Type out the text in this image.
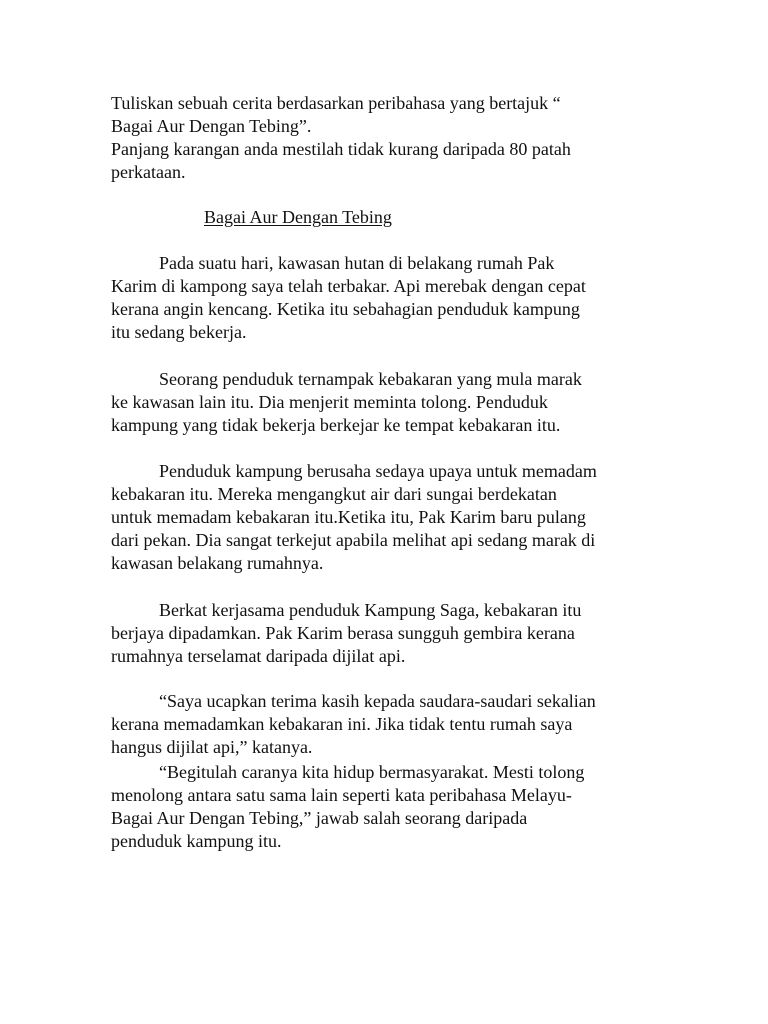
Tuliskan sebuah cerita berdasarkan peribahasa yang bertajuk “
Bagai Aur Dengan Tebing”.
Panjang karangan anda mestilah tidak kurang daripada 80 patah
perkataan.
Bagai Aur Dengan Tebing
Pada suatu hari, kawasan hutan di belakang rumah Pak
Karim di kampong saya telah terbakar. Api merebak dengan cepat
kerana angin kencang. Ketika itu sebahagian penduduk kampung
itu sedang bekerja.
Seorang penduduk ternampak kebakaran yang mula marak
ke kawasan lain itu. Dia menjerit meminta tolong. Penduduk
kampung yang tidak bekerja berkejar ke tempat kebakaran itu.
Penduduk kampung berusaha sedaya upaya untuk memadam
kebakaran itu. Mereka mengangkut air dari sungai berdekatan
untuk memadam kebakaran itu.Ketika itu, Pak Karim baru pulang
dari pekan. Dia sangat terkejut apabila melihat api sedang marak di
kawasan belakang rumahnya.
Berkat kerjasama penduduk Kampung Saga, kebakaran itu
berjaya dipadamkan. Pak Karim berasa sungguh gembira kerana
rumahnya terselamat daripada dijilat api.
“Saya ucapkan terima kasih kepada saudara-saudari sekalian
kerana memadamkan kebakaran ini. Jika tidak tentu rumah saya
hangus dijilat api,” katanya.
“Begitulah caranya kita hidup bermasyarakat. Mesti tolong
menolong antara satu sama lain seperti kata peribahasa Melayu-
Bagai Aur Dengan Tebing,” jawab salah seorang daripada
penduduk kampung itu.
